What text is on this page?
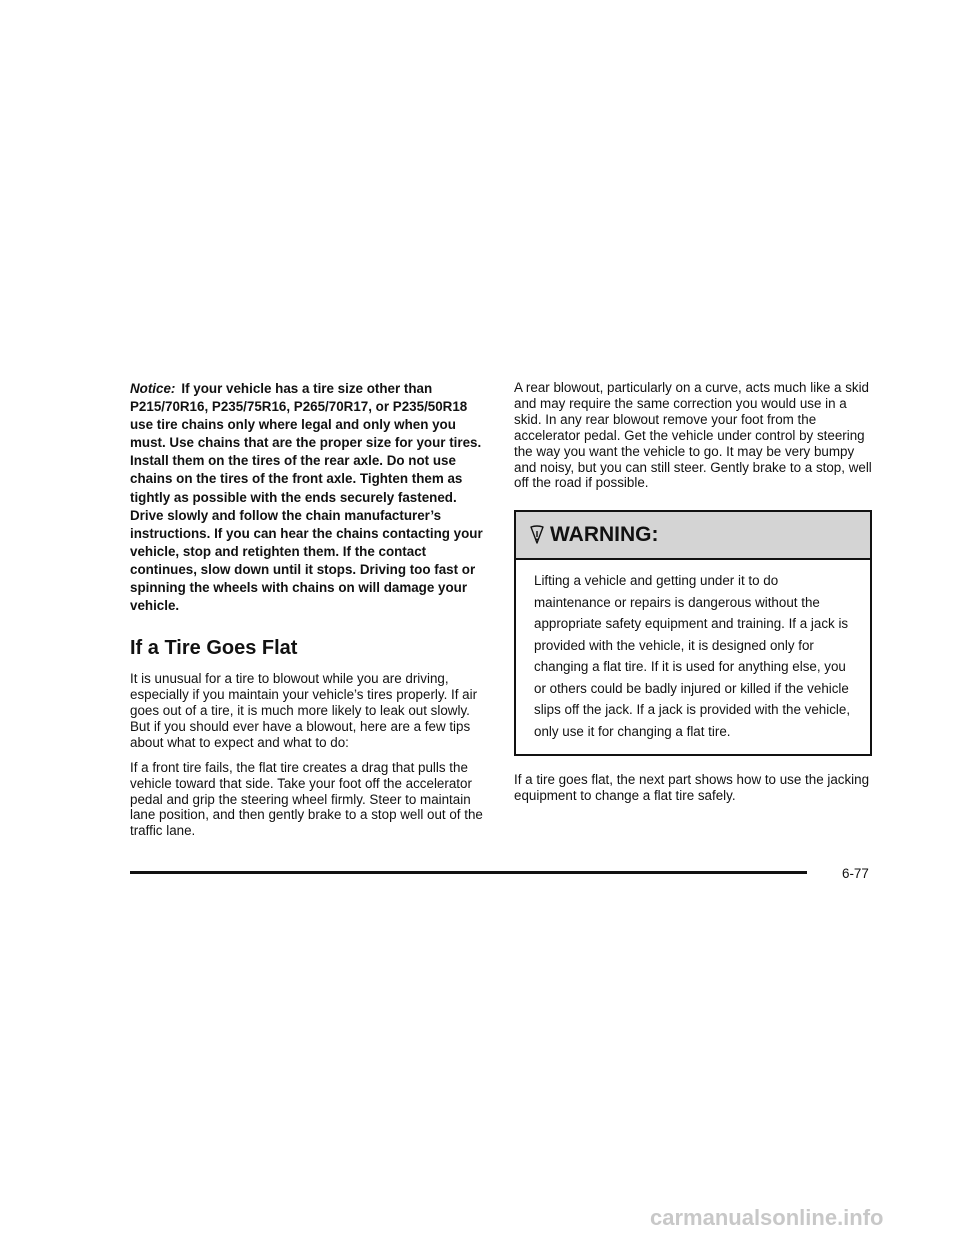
Notice: If your vehicle has a tire size other than P215/70R16, P235/75R16, P265/70R17, or P235/50R18 use tire chains only where legal and only when you must. Use chains that are the proper size for your tires. Install them on the tires of the rear axle. Do not use chains on the tires of the front axle. Tighten them as tightly as possible with the ends securely fastened. Drive slowly and follow the chain manufacturer’s instructions. If you can hear the chains contacting your vehicle, stop and retighten them. If the contact continues, slow down until it stops. Driving too fast or spinning the wheels with chains on will damage your vehicle.

If a Tire Goes Flat

It is unusual for a tire to blowout while you are driving, especially if you maintain your vehicle’s tires properly. If air goes out of a tire, it is much more likely to leak out slowly. But if you should ever have a blowout, here are a few tips about what to expect and what to do:

If a front tire fails, the flat tire creates a drag that pulls the vehicle toward that side. Take your foot off the accelerator pedal and grip the steering wheel firmly. Steer to maintain lane position, and then gently brake to a stop well out of the traffic lane.

A rear blowout, particularly on a curve, acts much like a skid and may require the same correction you would use in a skid. In any rear blowout remove your foot from the accelerator pedal. Get the vehicle under control by steering the way you want the vehicle to go. It may be very bumpy and noisy, but you can still steer. Gently brake to a stop, well off the road if possible.

WARNING:

Lifting a vehicle and getting under it to do maintenance or repairs is dangerous without the appropriate safety equipment and training. If a jack is provided with the vehicle, it is designed only for changing a flat tire. If it is used for anything else, you or others could be badly injured or killed if the vehicle slips off the jack. If a jack is provided with the vehicle, only use it for changing a flat tire.

If a tire goes flat, the next part shows how to use the jacking equipment to change a flat tire safely.

6-77
carmanualsonline.info
